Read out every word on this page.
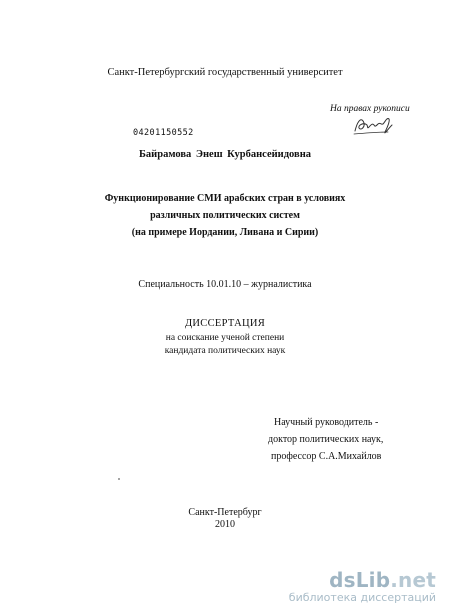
Санкт-Петербургский государственный университет
На правах рукописи
04201150552
Байрамова Энеш Курбансейидовна
Функционирование СМИ арабских стран в условиях
различных политических систем
(на примере Иордании, Ливана и Сирии)
Специальность 10.01.10 – журналистика
ДИССЕРТАЦИЯ
на соискание ученой степени
кандидата политических наук
Научный руководитель -
доктор политических наук,
профессор С.А.Михайлов
Санкт-Петербург
2010
dsLib.net
библиотека диссертаций
